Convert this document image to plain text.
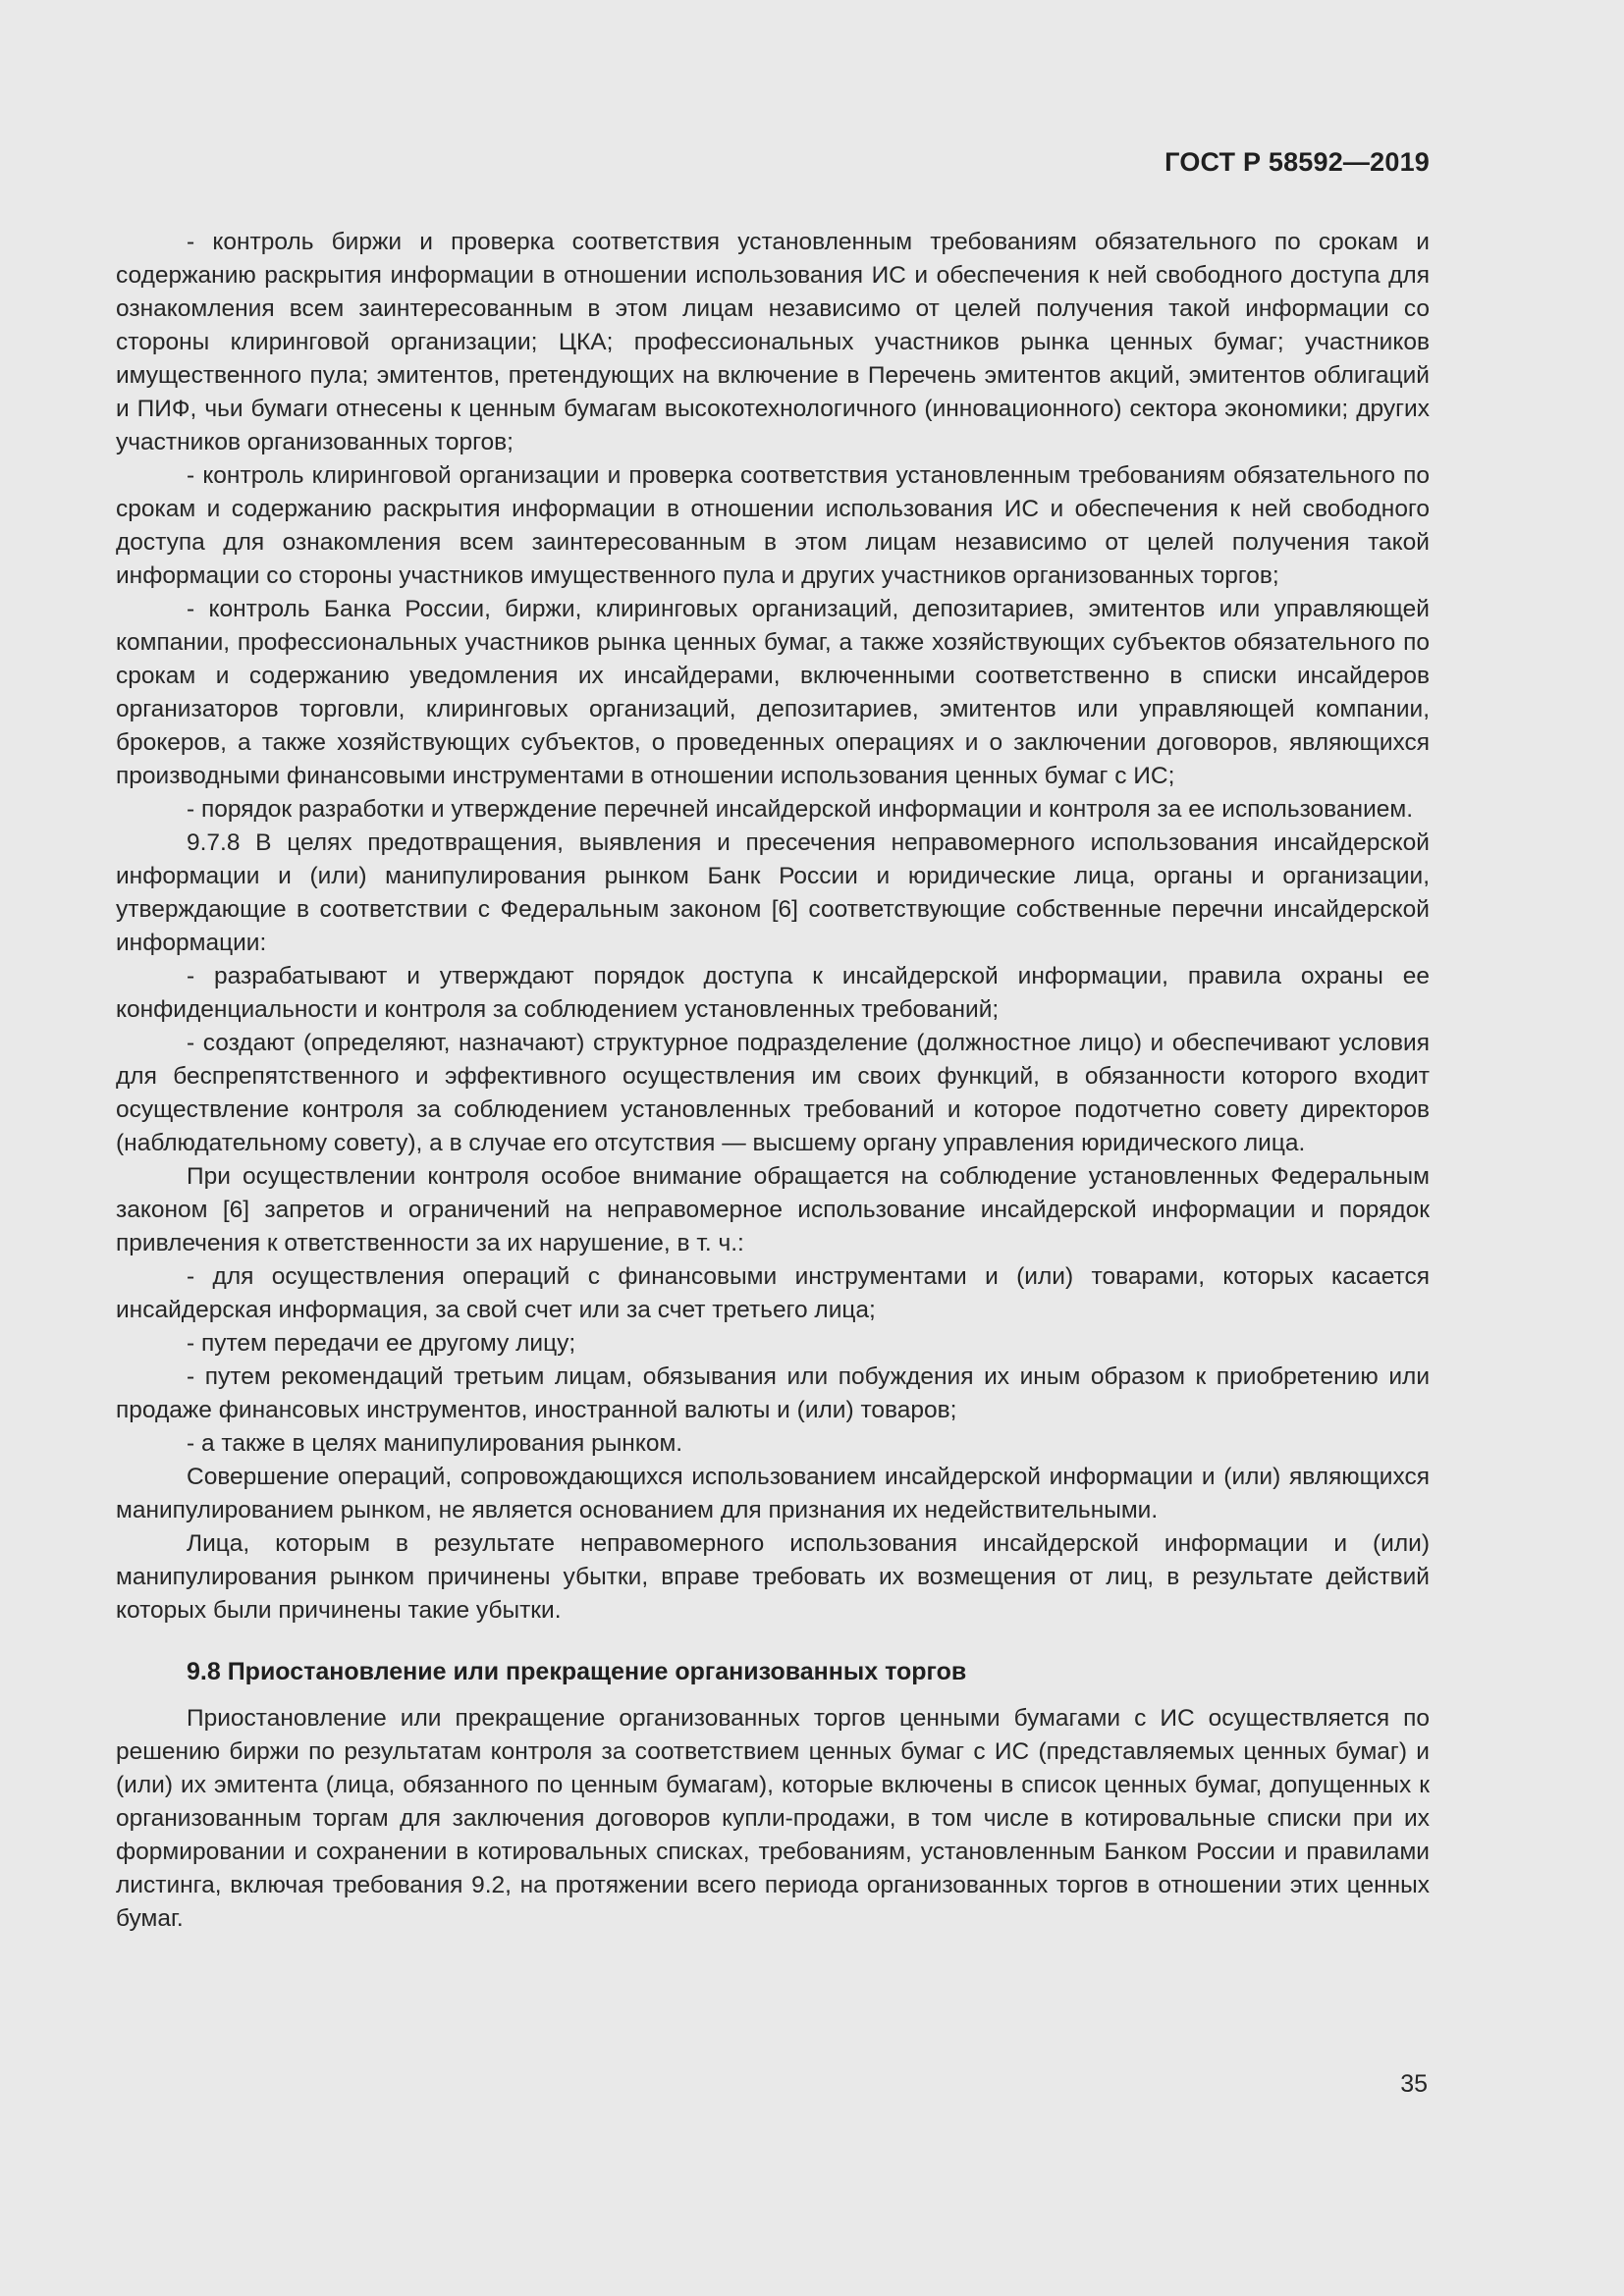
ГОСТ Р 58592—2019

- контроль биржи и проверка соответствия установленным требованиям обязательного по срокам и содержанию раскрытия информации в отношении использования ИС и обеспечения к ней свободного доступа для ознакомления всем заинтересованным в этом лицам независимо от целей получения такой информации со стороны клиринговой организации; ЦКА; профессиональных участников рынка ценных бумаг; участников имущественного пула; эмитентов, претендующих на включение в Перечень эмитентов акций, эмитентов облигаций и ПИФ, чьи бумаги отнесены к ценным бумагам высокотехнологичного (инновационного) сектора экономики; других участников организованных торгов;

- контроль клиринговой организации и проверка соответствия установленным требованиям обязательного по срокам и содержанию раскрытия информации в отношении использования ИС и обеспечения к ней свободного доступа для ознакомления всем заинтересованным в этом лицам независимо от целей получения такой информации со стороны участников имущественного пула и других участников организованных торгов;

- контроль Банка России, биржи, клиринговых организаций, депозитариев, эмитентов или управляющей компании, профессиональных участников рынка ценных бумаг, а также хозяйствующих субъектов обязательного по срокам и содержанию уведомления их инсайдерами, включенными соответственно в списки инсайдеров организаторов торговли, клиринговых организаций, депозитариев, эмитентов или управляющей компании, брокеров, а также хозяйствующих субъектов, о проведенных операциях и о заключении договоров, являющихся производными финансовыми инструментами в отношении использования ценных бумаг с ИС;

- порядок разработки и утверждение перечней инсайдерской информации и контроля за ее использованием.

9.7.8 В целях предотвращения, выявления и пресечения неправомерного использования инсайдерской информации и (или) манипулирования рынком Банк России и юридические лица, органы и организации, утверждающие в соответствии с Федеральным законом [6] соответствующие собственные перечни инсайдерской информации:

- разрабатывают и утверждают порядок доступа к инсайдерской информации, правила охраны ее конфиденциальности и контроля за соблюдением установленных требований;

- создают (определяют, назначают) структурное подразделение (должностное лицо) и обеспечивают условия для беспрепятственного и эффективного осуществления им своих функций, в обязанности которого входит осуществление контроля за соблюдением установленных требований и которое подотчетно совету директоров (наблюдательному совету), а в случае его отсутствия — высшему органу управления юридического лица.

При осуществлении контроля особое внимание обращается на соблюдение установленных Федеральным законом [6] запретов и ограничений на неправомерное использование инсайдерской информации и порядок привлечения к ответственности за их нарушение, в т. ч.:

- для осуществления операций с финансовыми инструментами и (или) товарами, которых касается инсайдерская информация, за свой счет или за счет третьего лица;

- путем передачи ее другому лицу;

- путем рекомендаций третьим лицам, обязывания или побуждения их иным образом к приобретению или продаже финансовых инструментов, иностранной валюты и (или) товаров;

- а также в целях манипулирования рынком.

Совершение операций, сопровождающихся использованием инсайдерской информации и (или) являющихся манипулированием рынком, не является основанием для признания их недействительными.

Лица, которым в результате неправомерного использования инсайдерской информации и (или) манипулирования рынком причинены убытки, вправе требовать их возмещения от лиц, в результате действий которых были причинены такие убытки.

9.8 Приостановление или прекращение организованных торгов

Приостановление или прекращение организованных торгов ценными бумагами с ИС осуществляется по решению биржи по результатам контроля за соответствием ценных бумаг с ИС (представляемых ценных бумаг) и (или) их эмитента (лица, обязанного по ценным бумагам), которые включены в список ценных бумаг, допущенных к организованным торгам для заключения договоров купли-продажи, в том числе в котировальные списки при их формировании и сохранении в котировальных списках, требованиям, установленным Банком России и правилами листинга, включая требования 9.2, на протяжении всего периода организованных торгов в отношении этих ценных бумаг.

35
